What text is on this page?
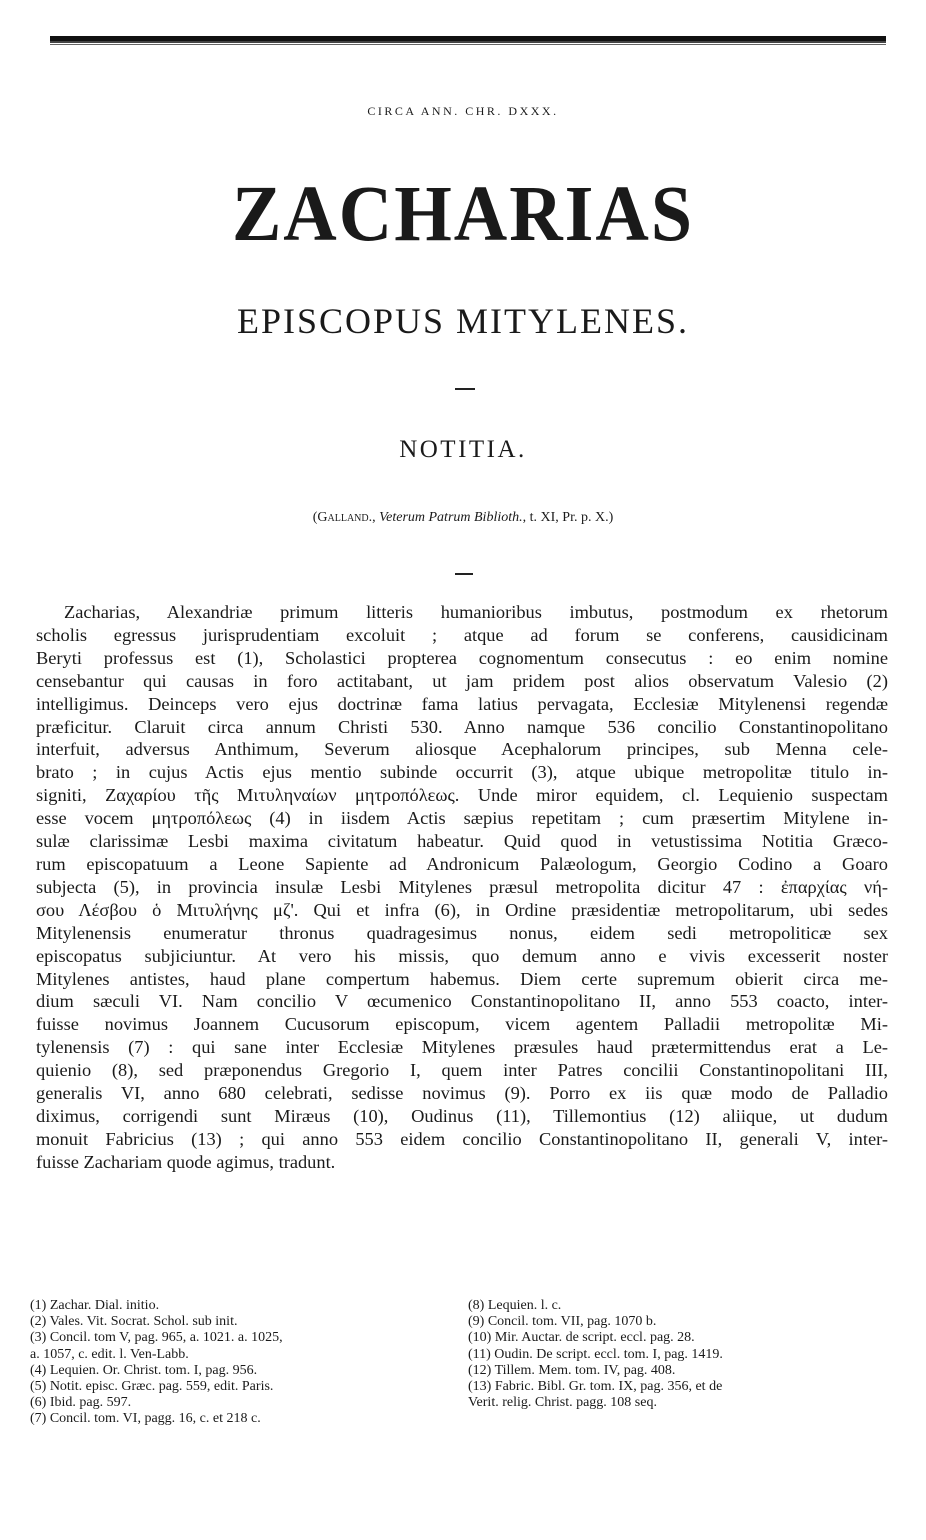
CIRCA ANN. CHR. DXXX.
ZACHARIAS
EPISCOPUS MITYLENES.
NOTITIA.
(Galland., Veterum Patrum Biblioth., t. XI, Pr. p. X.)
Zacharias, Alexandriæ primum litteris humanioribus imbutus, postmodum ex rhetorum
scholis egressus jurisprudentiam excoluit ; atque ad forum se conferens, causidicinam
Beryti professus est (1), Scholastici propterea cognomentum consecutus : eo enim nomine
censebantur qui causas in foro actitabant, ut jam pridem post alios observatum Valesio (2)
intelligimus. Deinceps vero ejus doctrinæ fama latius pervagata, Ecclesiæ Mitylenensi regendæ
præficitur. Claruit circa annum Christi 530. Anno namque 536 concilio Constantinopolitano
interfuit, adversus Anthimum, Severum aliosque Acephalorum principes, sub Menna cele-
brato ; in cujus Actis ejus mentio subinde occurrit (3), atque ubique metropolitæ titulo in-
signiti, Ζαχαρίου τῆς Μιτυληναίων μητροπόλεως. Unde miror equidem, cl. Lequienio suspectam
esse vocem μητροπόλεως (4) in iisdem Actis sæpius repetitam ; cum præsertim Mitylene in-
sulæ clarissimæ Lesbi maxima civitatum habeatur. Quid quod in vetustissima Notitia Græco-
rum episcopatuum a Leone Sapiente ad Andronicum Palæologum, Georgio Codino a Goaro
subjecta (5), in provincia insulæ Lesbi Mitylenes præsul metropolita dicitur 47 : ἐπαρχίας νή-
σου Λέσβου ὁ Μιτυλήνης μζ'. Qui et infra (6), in Ordine præsidentiæ metropolitarum, ubi sedes
Mitylenensis enumeratur thronus quadragesimus nonus, eidem sedi metropoliticæ sex
episcopatus subjiciuntur. At vero his missis, quo demum anno e vivis excesserit noster
Mitylenes antistes, haud plane compertum habemus. Diem certe supremum obierit circa me-
dium sæculi VI. Nam concilio V œcumenico Constantinopolitano II, anno 553 coacto, inter-
fuisse novimus Joannem Cucusorum episcopum, vicem agentem Palladii metropolitæ Mi-
tylenensis (7) : qui sane inter Ecclesiæ Mitylenes præsules haud prætermittendus erat a Le-
quienio (8), sed præponendus Gregorio I, quem inter Patres concilii Constantinopolitani III,
generalis VI, anno 680 celebrati, sedisse novimus (9). Porro ex iis quæ modo de Palladio
diximus, corrigendi sunt Miræus (10), Oudinus (11), Tillemontius (12) aliique, ut dudum
monuit Fabricius (13) ; qui anno 553 eidem concilio Constantinopolitano II, generali V, inter-
fuisse Zachariam quode agimus, tradunt.
(1) Zachar. Dial. initio.
(2) Vales. Vit. Socrat. Schol. sub init.
(3) Concil. tom V, pag. 965, a. 1021. a. 1025,
a. 1057, c. edit. l. Ven-Labb.
(4) Lequien. Or. Christ. tom. I, pag. 956.
(5) Notit. episc. Græc. pag. 559, edit. Paris.
(6) Ibid. pag. 597.
(7) Concil. tom. VI, pagg. 16, c. et 218 c.
(8) Lequien. l. c.
(9) Concil. tom. VII, pag. 1070 b.
(10) Mir. Auctar. de script. eccl. pag. 28.
(11) Oudin. De script. eccl. tom. I, pag. 1419.
(12) Tillem. Mem. tom. IV, pag. 408.
(13) Fabric. Bibl. Gr. tom. IX, pag. 356, et de
Verit. relig. Christ. pagg. 108 seq.
